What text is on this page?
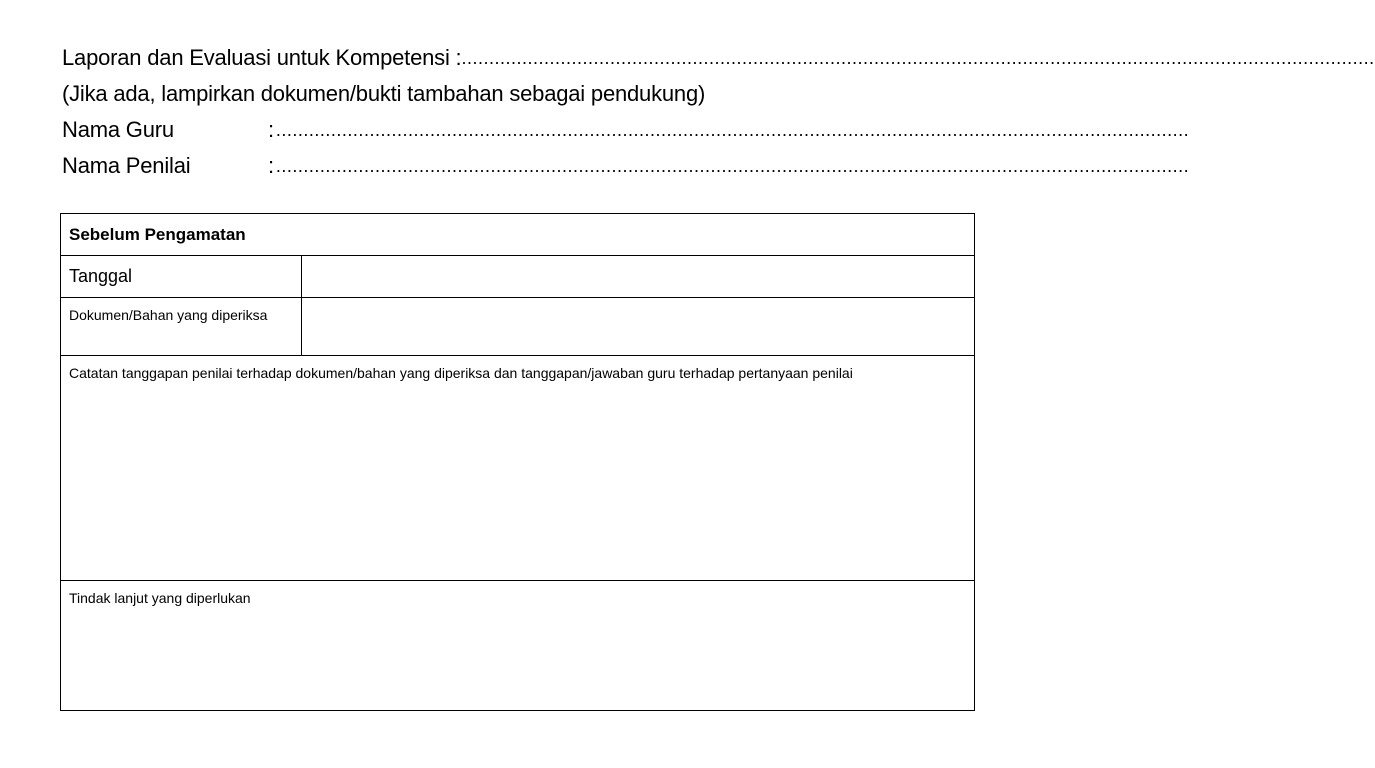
Laporan dan Evaluasi untuk Kompetensi : ......................................................................................................................................................................
(Jika ada, lampirkan dokumen/bukti tambahan sebagai pendukung)
Nama Guru	: ......................................................................................................................................................................
Nama Penilai	: ......................................................................................................................................................................
Sebelum Pengamatan	
Tanggal	
Dokumen/Bahan yang diperiksa	
Catatan tanggapan penilai terhadap dokumen/bahan yang diperiksa dan tanggapan/jawaban guru terhadap pertanyaan penilai	
Tindak lanjut yang diperlukan	
